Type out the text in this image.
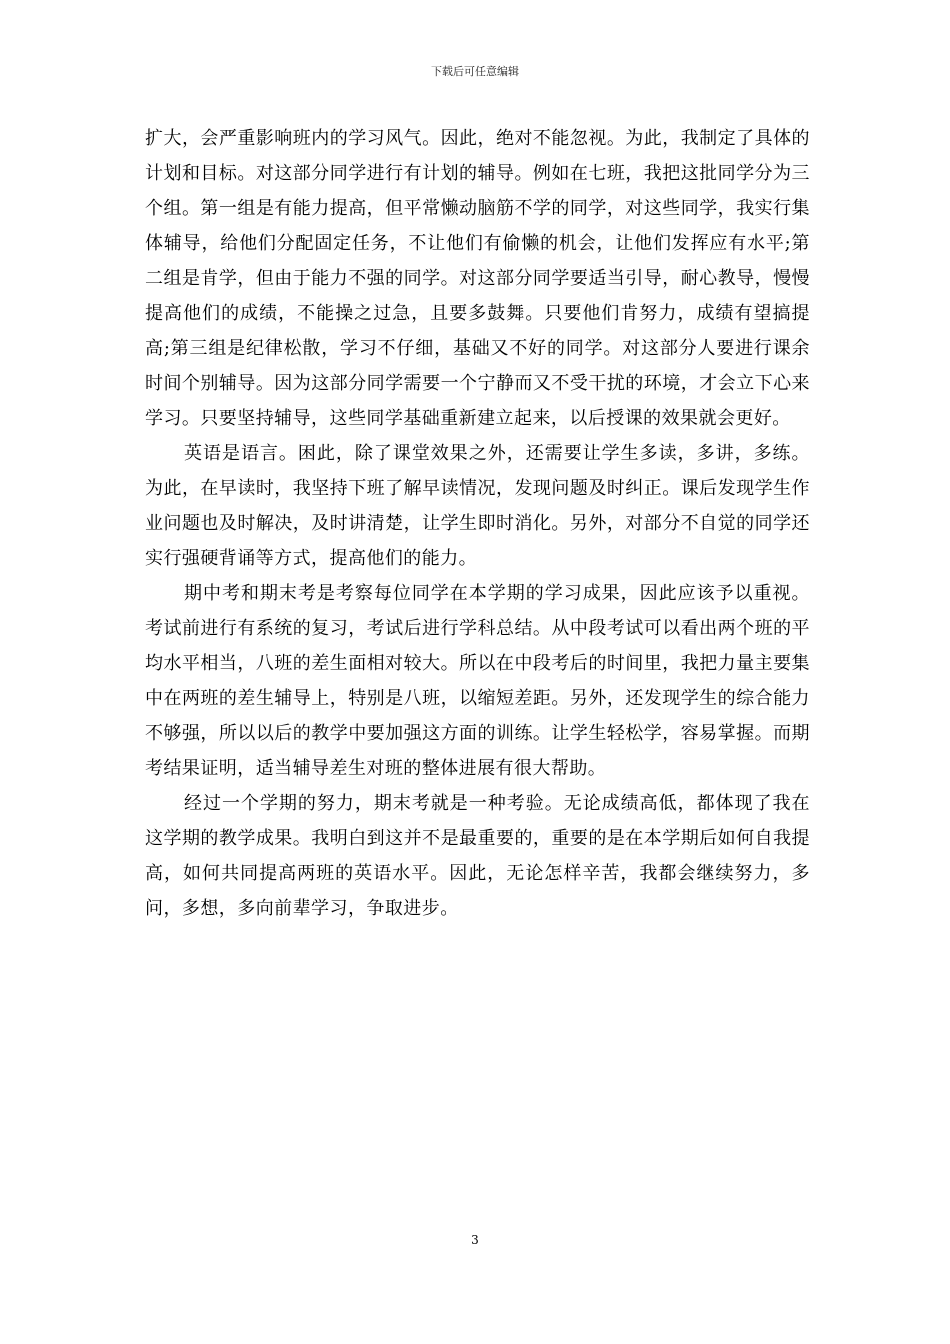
下载后可任意编辑

扩大，会严重影响班内的学习风气。因此，绝对不能忽视。为此，我制定了具体的计划和目标。对这部分同学进行有计划的辅导。例如在七班，我把这批同学分为三个组。第一组是有能力提高，但平常懒动脑筋不学的同学，对这些同学，我实行集体辅导，给他们分配固定任务，不让他们有偷懒的机会，让他们发挥应有水平;第二组是肯学，但由于能力不强的同学。对这部分同学要适当引导，耐心教导，慢慢提高他们的成绩，不能操之过急，且要多鼓舞。只要他们肯努力，成绩有望搞提高;第三组是纪律松散，学习不仔细，基础又不好的同学。对这部分人要进行课余时间个别辅导。因为这部分同学需要一个宁静而又不受干扰的环境，才会立下心来学习。只要坚持辅导，这些同学基础重新建立起来，以后授课的效果就会更好。

英语是语言。困此，除了课堂效果之外，还需要让学生多读，多讲，多练。为此，在早读时，我坚持下班了解早读情况，发现问题及时纠正。课后发现学生作业问题也及时解决，及时讲清楚，让学生即时消化。另外，对部分不自觉的同学还实行强硬背诵等方式，提高他们的能力。

期中考和期末考是考察每位同学在本学期的学习成果，因此应该予以重视。考试前进行有系统的复习，考试后进行学科总结。从中段考试可以看出两个班的平均水平相当，八班的差生面相对较大。所以在中段考后的时间里，我把力量主要集中在两班的差生辅导上，特别是八班，以缩短差距。另外，还发现学生的综合能力不够强，所以以后的教学中要加强这方面的训练。让学生轻松学，容易掌握。而期考结果证明，适当辅导差生对班的整体进展有很大帮助。

经过一个学期的努力，期末考就是一种考验。无论成绩高低，都体现了我在这学期的教学成果。我明白到这并不是最重要的，重要的是在本学期后如何自我提高，如何共同提高两班的英语水平。因此，无论怎样辛苦，我都会继续努力，多问，多想，多向前辈学习，争取进步。

3
